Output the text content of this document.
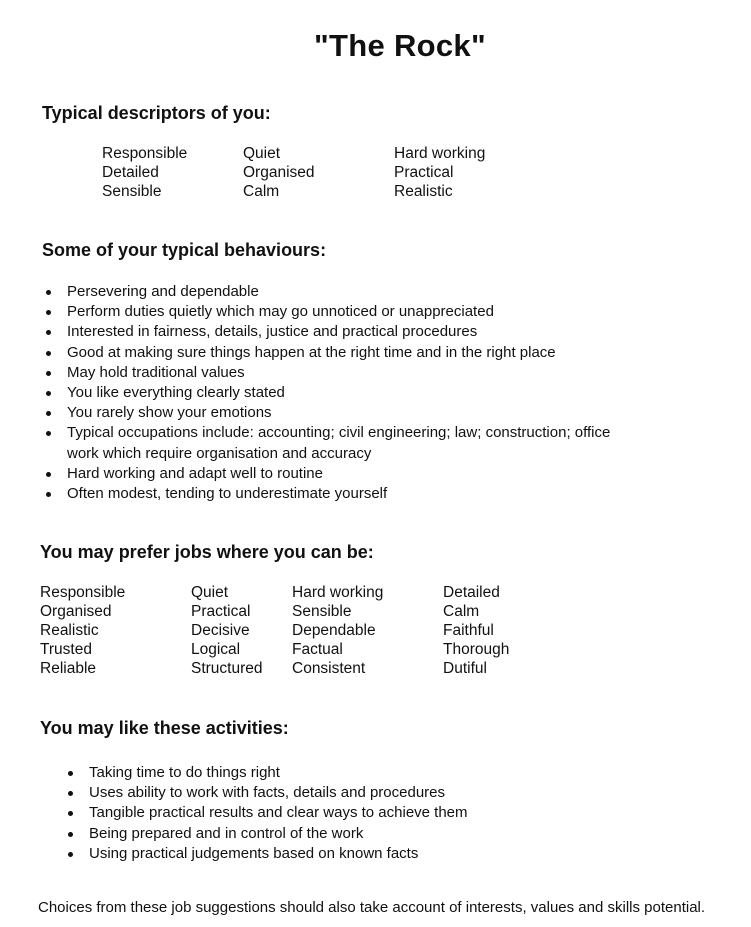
"The Rock"
Typical descriptors of you:
Responsible
Detailed
Sensible
Quiet
Organised
Calm
Hard working
Practical
Realistic
Some of your typical behaviours:
Persevering and dependable
Perform duties quietly which may go unnoticed or unappreciated
Interested in fairness, details, justice and practical procedures
Good at making sure things happen at the right time and in the right place
May hold traditional values
You like everything clearly stated
You rarely show your emotions
Typical occupations include: accounting; civil engineering; law; construction; office
work which require organisation and accuracy
Hard working and adapt well to routine
Often modest, tending to underestimate yourself
You may prefer jobs where you can be:
Responsible
Organised
Realistic
Trusted
Reliable
Quiet
Practical
Decisive
Logical
Structured
Hard working
Sensible
Dependable
Factual
Consistent
Detailed
Calm
Faithful
Thorough
Dutiful
You may like these activities:
Taking time to do things right
Uses ability to work with facts, details and procedures
Tangible practical results and clear ways to achieve them
Being prepared and in control of the work
Using practical judgements based on known facts

Choices from these job suggestions should also take account of interests, values and skills potential.
